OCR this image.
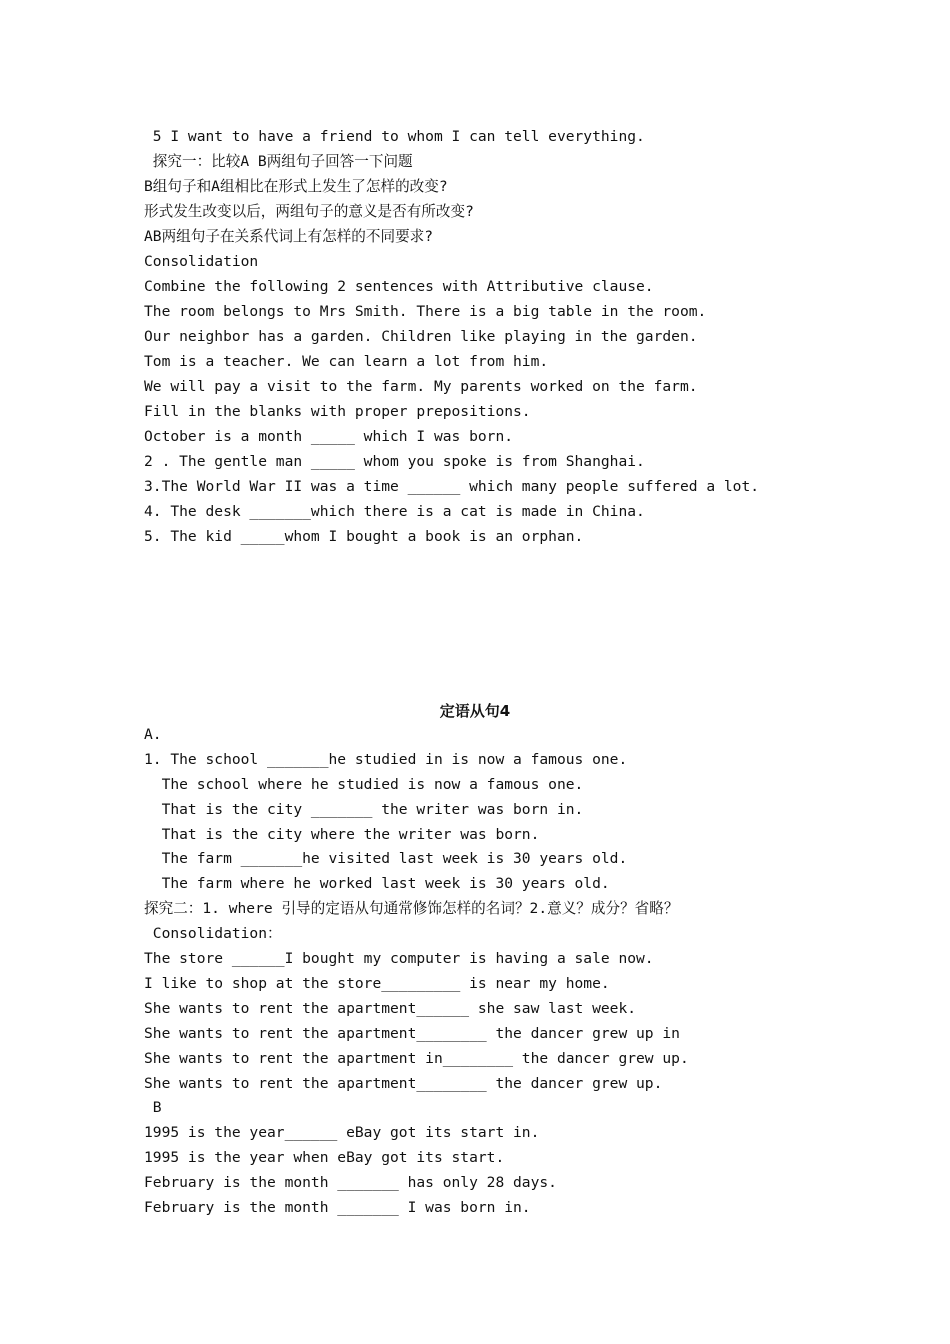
5 I want to have a friend to whom I can tell everything.
探究一：比较A B两组句子回答一下问题
B组句子和A组相比在形式上发生了怎样的改变?
形式发生改变以后，两组句子的意义是否有所改变?
AB两组句子在关系代词上有怎样的不同要求?
Consolidation
Combine the following 2 sentences with Attributive clause.
The room belongs to Mrs Smith. There is a big table in the room.
Our neighbor has a garden. Children like playing in the garden.
Tom is a teacher. We can learn a lot from him.
We will pay a visit to the farm. My parents worked on the farm.
Fill in the blanks with proper prepositions.
October is a month _____ which I was born.
2 . The gentle man _____ whom you spoke is from Shanghai.
3.The World War II was a time ______ which many people suffered a lot.
4. The desk _______which there is a cat is made in China.
5. The kid _____whom I bought a book is an orphan.
定语从句4
A.
1. The school _______he studied in is now a famous one.
The school where he studied is now a famous one.
That is the city _______ the writer was born in.
That is the city where the writer was born.
The farm _______he visited last week is 30 years old.
The farm where he worked last week is 30 years old.
探究二：1. where 引导的定语从句通常修饰怎样的名词？2.意义？成分？省略？
Consolidation：
The store ______I bought my computer is having a sale now.
I like to shop at the store_________ is near my home.
She wants to rent the apartment______ she saw last week.
She wants to rent the apartment________ the dancer grew up in
She wants to rent the apartment in________ the dancer grew up.
She wants to rent the apartment________ the dancer grew up.
B
1995 is the year______ eBay got its start in.
1995 is the year when eBay got its start.
February is the month _______ has only 28 days.
February is the month _______ I was born in.
